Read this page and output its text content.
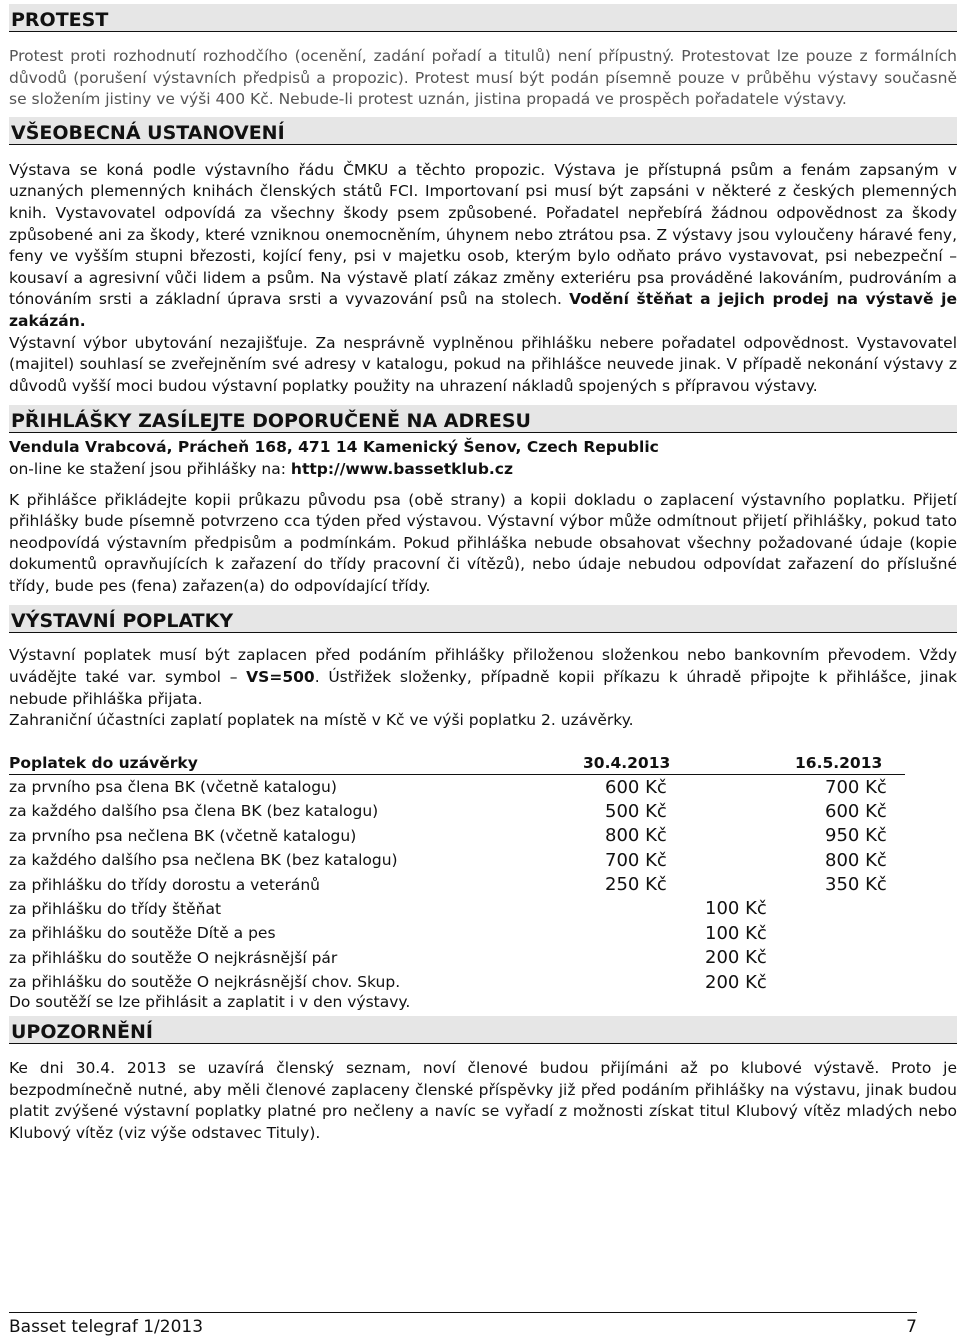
PROTEST

Protest proti rozhodnutí rozhodčího (ocenění, zadání pořadí a titulů) není přípustný. Protestovat lze pouze z formálních důvodů (porušení výstavních předpisů a propozic). Protest musí být podán písemně pouze v průběhu výstavy současně se složením jistiny ve výši 400 Kč. Nebude-li protest uznán, jistina propadá ve prospěch pořadatele výstavy.

VŠEOBECNÁ USTANOVENÍ

Výstava se koná podle výstavního řádu ČMKU a těchto propozic. Výstava je přístupná psům a fenám zapsaným v uznaných plemenných knihách členských států FCI. Importovaní psi musí být zapsáni v některé z českých plemenných knih. Vystavovatel odpovídá za všechny škody psem způsobené. Pořadatel nepřebírá žádnou odpovědnost za škody způsobené ani za škody, které vzniknou onemocněním, úhynem nebo ztrátou psa. Z výstavy jsou vyloučeny háravé feny, feny ve vyšším stupni březosti, kojící feny, psi v majetku osob, kterým bylo odňato právo vystavovat, psi nebezpeční – kousaví a agresivní vůči lidem a psům. Na výstavě platí zákaz změny exteriéru psa prováděné lakováním, pudrováním a tónováním srsti a základní úprava srsti a vyvazování psů na stolech. Vodění štěňat a jejich prodej na výstavě je zakázán.

Výstavní výbor ubytování nezajišťuje. Za nesprávně vyplněnou přihlášku nebere pořadatel odpovědnost. Vystavovatel (majitel) souhlasí se zveřejněním své adresy v katalogu, pokud na přihlášce neuvede jinak. V případě nekonání výstavy z důvodů vyšší moci budou výstavní poplatky použity na uhrazení nákladů spojených s přípravou výstavy.

PŘIHLÁŠKY ZASÍLEJTE DOPORUČENĚ NA ADRESU

Vendula Vrabcová, Prácheň 168, 471 14 Kamenický Šenov, Czech Republic

on-line ke stažení jsou přihlášky na: http://www.bassetklub.cz

K přihlášce přikládejte kopii průkazu původu psa (obě strany) a kopii dokladu o zaplacení výstavního poplatku. Přijetí přihlášky bude písemně potvrzeno cca týden před výstavou. Výstavní výbor může odmítnout přijetí přihlášky, pokud tato neodpovídá výstavním předpisům a podmínkám. Pokud přihláška nebude obsahovat všechny požadované údaje (kopie dokumentů opravňujících k zařazení do třídy pracovní či vítězů), nebo údaje nebudou odpovídat zařazení do příslušné třídy, bude pes (fena) zařazen(a) do odpovídající třídy.

VÝSTAVNÍ POPLATKY

Výstavní poplatek musí být zaplacen před podáním přihlášky přiloženou složenkou nebo bankovním převodem. Vždy uvádějte také var. symbol – VS=500. Ústřižek složenky, případně kopii příkazu k úhradě připojte k přihlášce, jinak nebude přihláška přijata.

Zahraniční účastníci zaplatí poplatek na místě v Kč ve výši poplatku 2. uzávěrky.

Poplatek do uzávěrky	30.4.2013	16.5.2013
za prvního psa člena BK (včetně katalogu)	600 Kč	700 Kč
za každého dalšího psa člena BK (bez katalogu)	500 Kč	600 Kč
za prvního psa nečlena BK (včetně katalogu)	800 Kč	950 Kč
za každého dalšího psa nečlena BK (bez katalogu)	700 Kč	800 Kč
za přihlášku do třídy dorostu a veteránů	250 Kč	350 Kč
za přihlášku do třídy štěňat	100 Kč	
za přihlášku do soutěže Dítě a pes	100 Kč	
za přihlášku do soutěže O nejkrásnější pár	200 Kč	
za přihlášku do soutěže O nejkrásnější chov. Skup.	200 Kč	

Do soutěží se lze přihlásit a zaplatit i v den výstavy.

UPOZORNĚNÍ

Ke dni 30.4. 2013 se uzavírá členský seznam, noví členové budou přijímáni až po klubové výstavě. Proto je bezpodmínečně nutné, aby měli členové zaplaceny členské příspěvky již před podáním přihlášky na výstavu, jinak budou platit zvýšené výstavní poplatky platné pro nečleny a navíc se vyřadí z možnosti získat titul Klubový vítěz mladých nebo Klubový vítěz (viz výše odstavec Tituly).

Basset telegraf 1/2013	7
